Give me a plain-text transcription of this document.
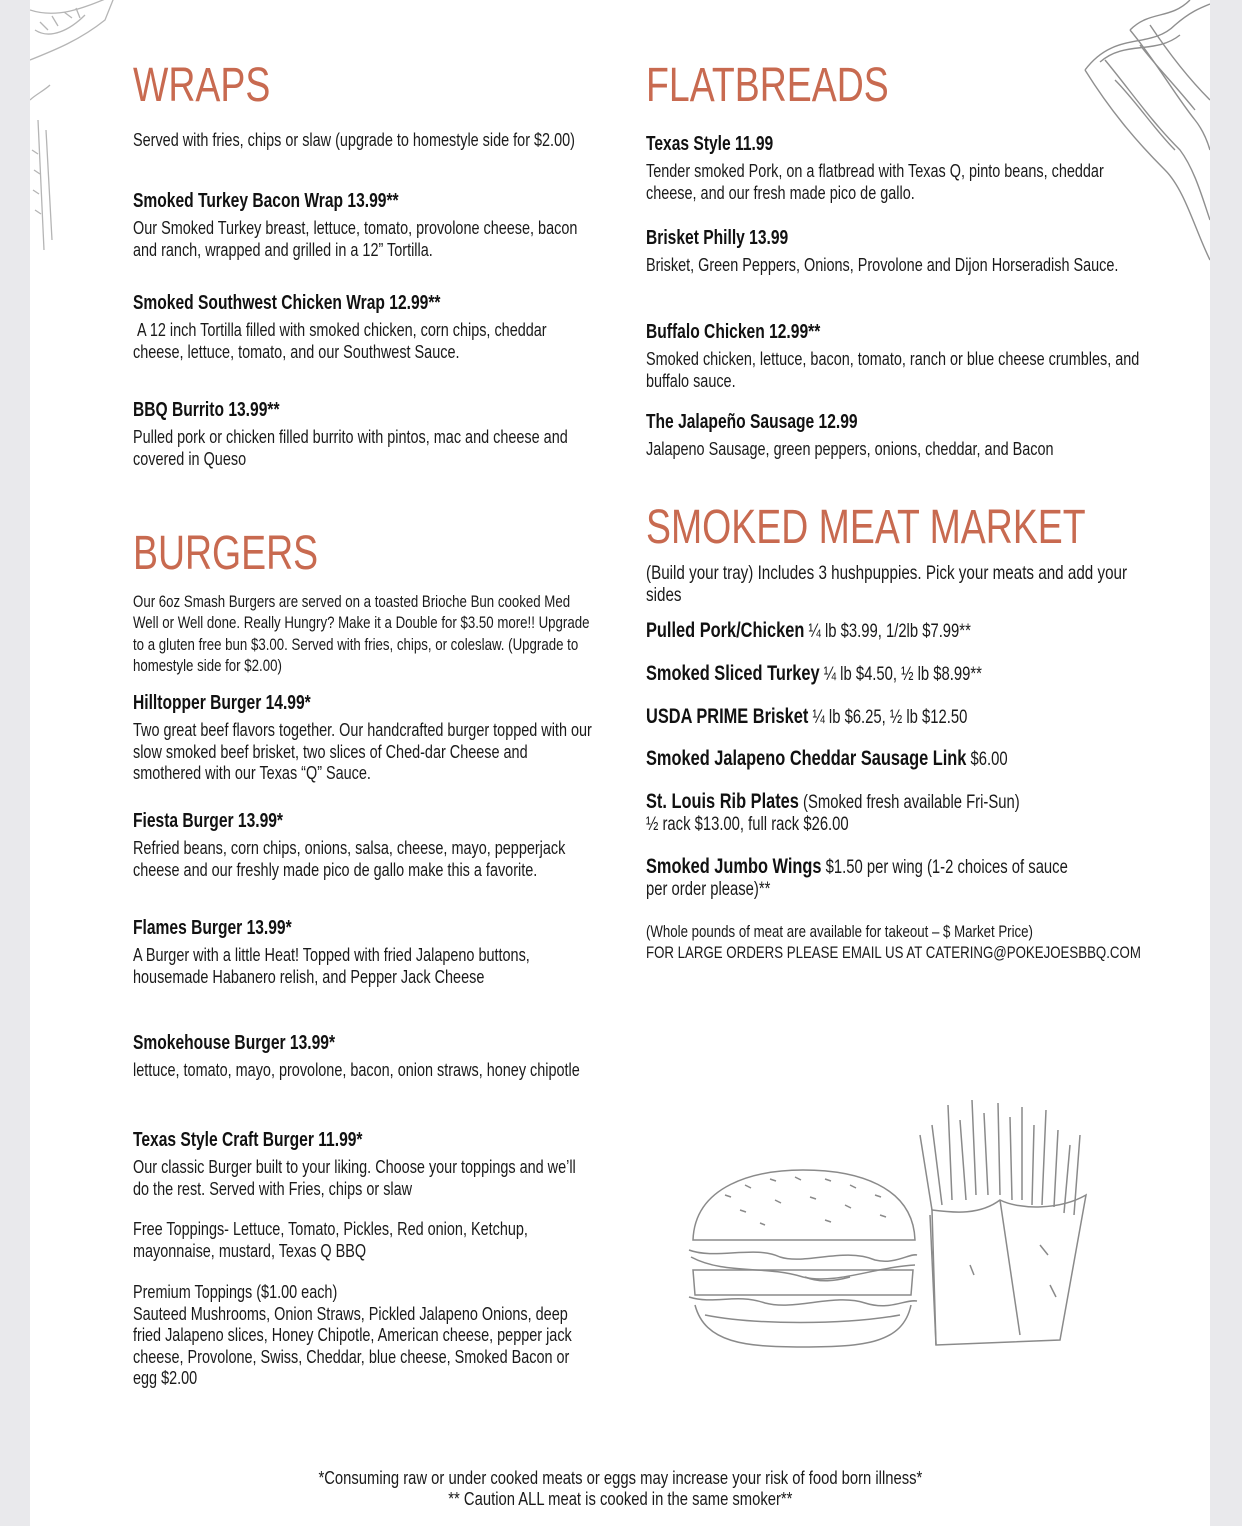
WRAPS

Served with fries, chips or slaw (upgrade to homestyle side for $2.00)

Smoked Turkey Bacon Wrap 13.99**

Our Smoked Turkey breast, lettuce, tomato, provolone cheese, bacon and ranch, wrapped and grilled in a 12” Tortilla.

Smoked Southwest Chicken Wrap 12.99**

A 12 inch Tortilla filled with smoked chicken, corn chips, cheddar cheese, lettuce, tomato, and our Southwest Sauce.

BBQ Burrito 13.99**

Pulled pork or chicken filled burrito with pintos, mac and cheese and covered in Queso

BURGERS

Our 6oz Smash Burgers are served on a toasted Brioche Bun cooked Med Well or Well done. Really Hungry? Make it a Double for $3.50 more!! Upgrade to a gluten free bun $3.00. Served with fries, chips, or coleslaw. (Upgrade to homestyle side for $2.00)

Hilltopper Burger 14.99*

Two great beef flavors together. Our handcrafted burger topped with our slow smoked beef brisket, two slices of Ched-dar Cheese and smothered with our Texas “Q” Sauce.

Fiesta Burger 13.99*

Refried beans, corn chips, onions, salsa, cheese, mayo, pepperjack cheese and our freshly made pico de gallo make this a favorite.

Flames Burger 13.99*

A Burger with a little Heat! Topped with fried Jalapeno buttons, housemade Habanero relish, and Pepper Jack Cheese

Smokehouse Burger 13.99*

lettuce, tomato, mayo, provolone, bacon, onion straws, honey chipotle

Texas Style Craft Burger 11.99*

Our classic Burger built to your liking. Choose your toppings and we’ll do the rest. Served with Fries, chips or slaw

Free Toppings- Lettuce, Tomato, Pickles, Red onion, Ketchup, mayonnaise, mustard, Texas Q BBQ

Premium Toppings ($1.00 each)

Sauteed Mushrooms, Onion Straws, Pickled Jalapeno Onions, deep fried Jalapeno slices, Honey Chipotle, American cheese, pepper jack cheese, Provolone, Swiss, Cheddar, blue cheese, Smoked Bacon or egg $2.00

FLATBREADS

Texas Style 11.99

Tender smoked Pork, on a flatbread with Texas Q, pinto beans, cheddar cheese, and our fresh made pico de gallo.

Brisket Philly 13.99

Brisket, Green Peppers, Onions, Provolone and Dijon Horseradish Sauce.

Buffalo Chicken 12.99**

Smoked chicken, lettuce, bacon, tomato, ranch or blue cheese crumbles, and buffalo sauce.

The Jalapeño Sausage 12.99

Jalapeno Sausage, green peppers, onions, cheddar, and Bacon

SMOKED MEAT MARKET

(Build your tray) Includes 3 hushpuppies. Pick your meats and add your sides

Pulled Pork/Chicken ¼ lb $3.99, 1/2lb $7.99**

Smoked Sliced Turkey ¼ lb $4.50, ½ lb $8.99**

USDA PRIME Brisket ¼ lb $6.25, ½ lb $12.50

Smoked Jalapeno Cheddar Sausage Link $6.00

St. Louis Rib Plates (Smoked fresh available Fri-Sun)

½ rack $13.00, full rack $26.00

Smoked Jumbo Wings $1.50 per wing (1-2 choices of sauce

per order please)**

(Whole pounds of meat are available for takeout – $ Market Price)

FOR LARGE ORDERS PLEASE EMAIL US AT CATERING@POKEJOESBBQ.COM

*Consuming raw or under cooked meats or eggs may increase your risk of food born illness*

** Caution ALL meat is cooked in the same smoker**
